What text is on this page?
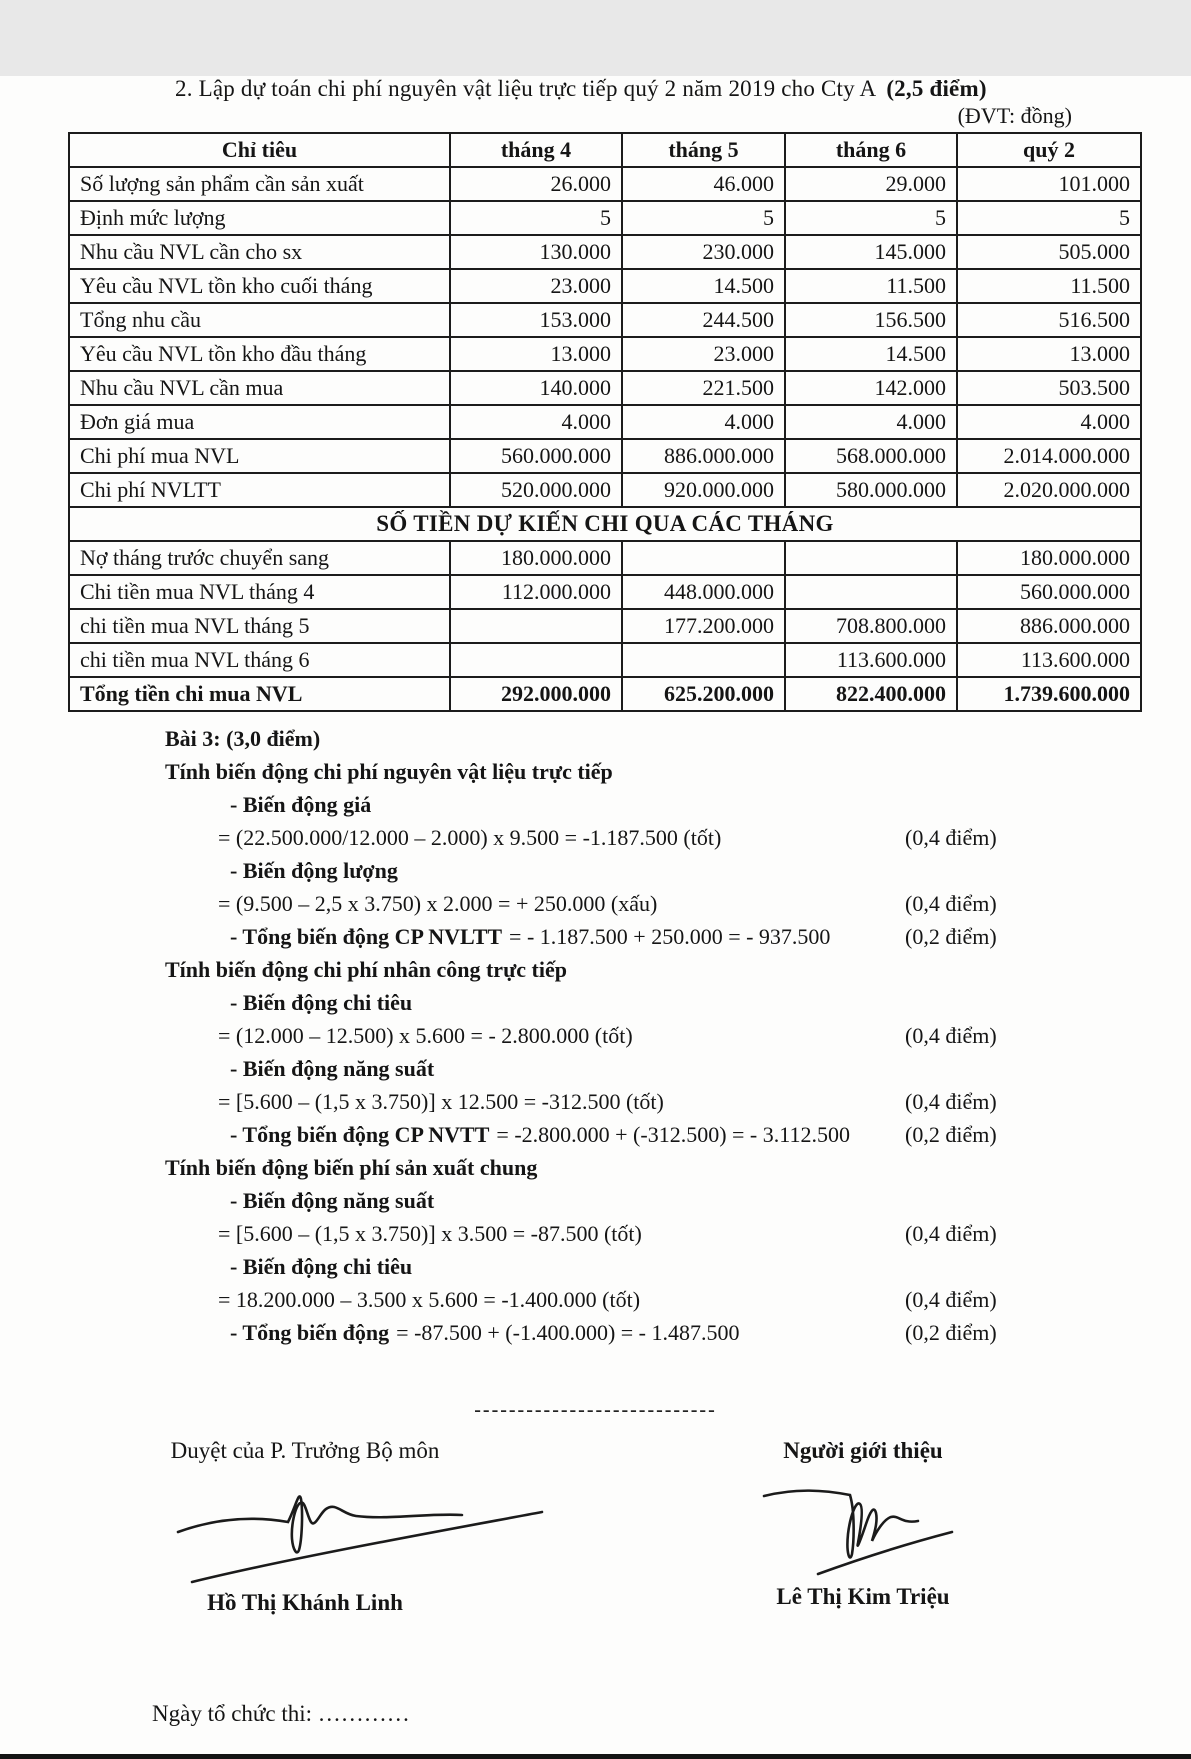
2. Lập dự toán chi phí nguyên vật liệu trực tiếp quý 2 năm 2019 cho Cty A (2,5 điểm)
(ĐVT: đồng)
Chỉ tiêu	tháng 4	tháng 5	tháng 6	quý 2
Số lượng sản phẩm cần sản xuất	26.000	46.000	29.000	101.000
Định mức lượng	5	5	5	5
Nhu cầu NVL cần cho sx	130.000	230.000	145.000	505.000
Yêu cầu NVL tồn kho cuối tháng	23.000	14.500	11.500	11.500
Tổng nhu cầu	153.000	244.500	156.500	516.500
Yêu cầu NVL tồn kho đầu tháng	13.000	23.000	14.500	13.000
Nhu cầu NVL cần mua	140.000	221.500	142.000	503.500
Đơn giá mua	4.000	4.000	4.000	4.000
Chi phí mua NVL	560.000.000	886.000.000	568.000.000	2.014.000.000
Chi phí NVLTT	520.000.000	920.000.000	580.000.000	2.020.000.000
SỐ TIỀN DỰ KIẾN CHI QUA CÁC THÁNG				
Nợ tháng trước chuyển sang	180.000.000			180.000.000
Chi tiền mua NVL tháng 4	112.000.000	448.000.000		560.000.000
chi tiền mua NVL tháng 5		177.200.000	708.800.000	886.000.000
chi tiền mua NVL tháng 6			113.600.000	113.600.000
Tổng tiền chi mua NVL	292.000.000	625.200.000	822.400.000	1.739.600.000
Bài 3: (3,0 điểm)
Tính biến động chi phí nguyên vật liệu trực tiếp
- Biến động giá
= (22.500.000/12.000 – 2.000) x 9.500 = -1.187.500 (tốt)	(0,4 điểm)
- Biến động lượng
= (9.500 – 2,5 x 3.750) x 2.000 = + 250.000 (xấu)	(0,4 điểm)
- Tổng biến động CP NVLTT = - 1.187.500 + 250.000 = - 937.500	(0,2 điểm)
Tính biến động chi phí nhân công trực tiếp
- Biến động chi tiêu
= (12.000 – 12.500) x 5.600 = - 2.800.000 (tốt)	(0,4 điểm)
- Biến động năng suất
= [5.600 – (1,5 x 3.750)] x 12.500 = -312.500 (tốt)	(0,4 điểm)
- Tổng biến động CP NVTT = -2.800.000 + (-312.500) = - 3.112.500	(0,2 điểm)
Tính biến động biến phí sản xuất chung
- Biến động năng suất
= [5.600 – (1,5 x 3.750)] x 3.500 = -87.500 (tốt)	(0,4 điểm)
- Biến động chi tiêu
= 18.200.000 – 3.500 x 5.600 = -1.400.000 (tốt)	(0,4 điểm)
- Tổng biến động = -87.500 + (-1.400.000) = - 1.487.500	(0,2 điểm)
----------------------------
Duyệt của P. Trưởng Bộ môn
Hồ Thị Khánh Linh
Người giới thiệu
Lê Thị Kim Triệu
Ngày tổ chức thi: …………
